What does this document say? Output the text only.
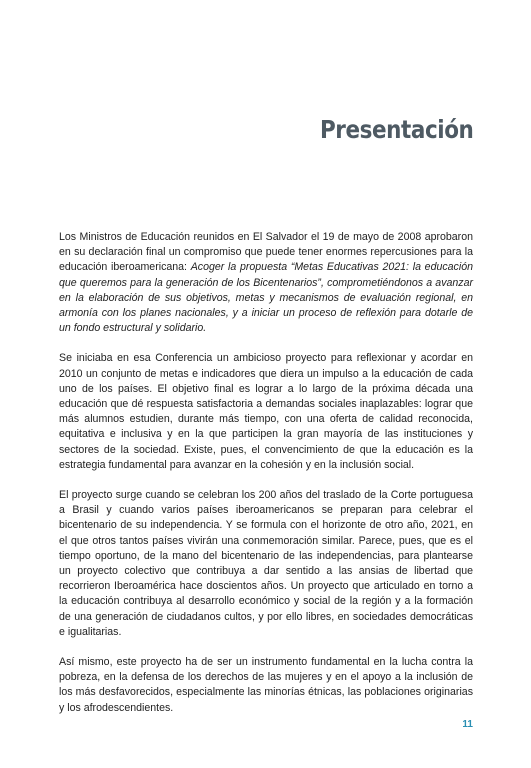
Presentación

Los Ministros de Educación reunidos en El Salvador el 19 de mayo de 2008 aprobaron en su declaración final un compromiso que puede tener enormes repercusiones para la educación iberoamericana: Acoger la propuesta “Metas Educativas 2021: la educación que queremos para la generación de los Bicentenarios”, comprometiéndonos a avanzar en la elaboración de sus objetivos, metas y mecanismos de evaluación regional, en armonía con los planes nacionales, y a iniciar un proceso de reflexión para dotarle de un fondo estructural y solidario.

Se iniciaba en esa Conferencia un ambicioso proyecto para reflexionar y acordar en 2010 un conjunto de metas e indicadores que diera un impulso a la educación de cada uno de los países. El objetivo final es lograr a lo largo de la próxima década una educación que dé respuesta satisfactoria a demandas sociales inaplazables: lograr que más alumnos estudien, durante más tiempo, con una oferta de calidad reconocida, equitativa e inclusiva y en la que participen la gran mayoría de las instituciones y sectores de la sociedad. Existe, pues, el convencimiento de que la educación es la estrategia fundamental para avanzar en la cohesión y en la inclusión social.

El proyecto surge cuando se celebran los 200 años del traslado de la Corte portuguesa a Brasil y cuando varios países iberoamericanos se preparan para celebrar el bicentenario de su independencia. Y se formula con el horizonte de otro año, 2021, en el que otros tantos países vivirán una conmemoración similar. Parece, pues, que es el tiempo oportuno, de la mano del bicentenario de las independencias, para plantearse un proyecto colectivo que contribuya a dar sentido a las ansias de libertad que recorrieron Iberoamérica hace doscientos años. Un proyecto que articulado en torno a la educación contribuya al desarrollo económico y social de la región y a la formación de una generación de ciudadanos cultos, y por ello libres, en sociedades democráticas e igualitarias.

Así mismo, este proyecto ha de ser un instrumento fundamental en la lucha contra la pobreza, en la defensa de los derechos de las mujeres y en el apoyo a la inclusión de los más desfavorecidos, especialmente las minorías étnicas, las poblaciones originarias y los afrodescendientes.

11
